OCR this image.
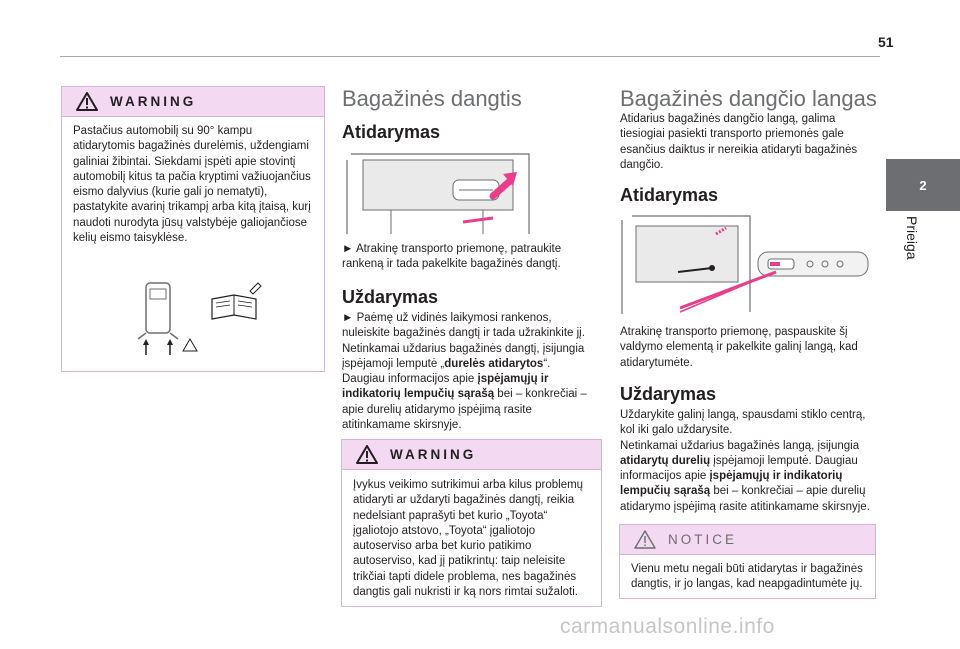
51
2
Prieiga
WARNING
Pastačius automobilį su 90° kampu atidarytomis bagažinės durelėmis, uždengiami galiniai žibintai. Siekdami įspėti apie stovintį automobilį kitus ta pačia kryptimi važiuojančius eismo dalyvius (kurie gali jo nematyti), pastatykite avarinį trikampį arba kitą įtaisą, kurį naudoti nurodyta jūsų valstybėje galiojančiose kelių eismo taisyklėse.
Bagažinės dangtis
Atidarymas
► Atrakinę transporto priemonę, patraukite rankeną ir tada pakelkite bagažinės dangtį.
Uždarymas
► Paėmę už vidinės laikymosi rankenos, nuleiskite bagažinės dangtį ir tada užrakinkite jį.
Netinkamai uždarius bagažinės dangtį, įsijungia įspėjamoji lemputė „durelės atidarytos“. Daugiau informacijos apie įspėjamųjų ir indikatorių lempučių sąrašą bei – konkrečiai – apie durelių atidarymo įspėjimą rasite atitinkamame skirsnyje.
WARNING
Įvykus veikimo sutrikimui arba kilus problemų atidaryti ar uždaryti bagažinės dangtį, reikia nedelsiant paprašyti bet kurio „Toyota“ įgaliotojo atstovo, „Toyota“ įgaliotojo autoserviso arba bet kurio patikimo autoserviso, kad jį patikrintų: taip neleisite trikčiai tapti didele problema, nes bagažinės dangtis gali nukristi ir ką nors rimtai sužaloti.
Bagažinės dangčio langas
Atidarius bagažinės dangčio langą, galima tiesiogiai pasiekti transporto priemonės gale esančius daiktus ir nereikia atidaryti bagažinės dangčio.
Atidarymas
Atrakinę transporto priemonę, paspauskite šį valdymo elementą ir pakelkite galinį langą, kad atidarytumėte.
Uždarymas
Uždarykite galinį langą, spausdami stiklo centrą, kol iki galo uždarysite.
Netinkamai uždarius bagažinės langą, įsijungia atidarytų durelių įspėjamoji lemputė. Daugiau informacijos apie įspėjamųjų ir indikatorių lempučių sąrašą bei – konkrečiai – apie durelių atidarymo įspėjimą rasite atitinkamame skirsnyje.
NOTICE
Vienu metu negali būti atidarytas ir bagažinės dangtis, ir jo langas, kad neapgadintumėte jų.
carmanualsonline.info
